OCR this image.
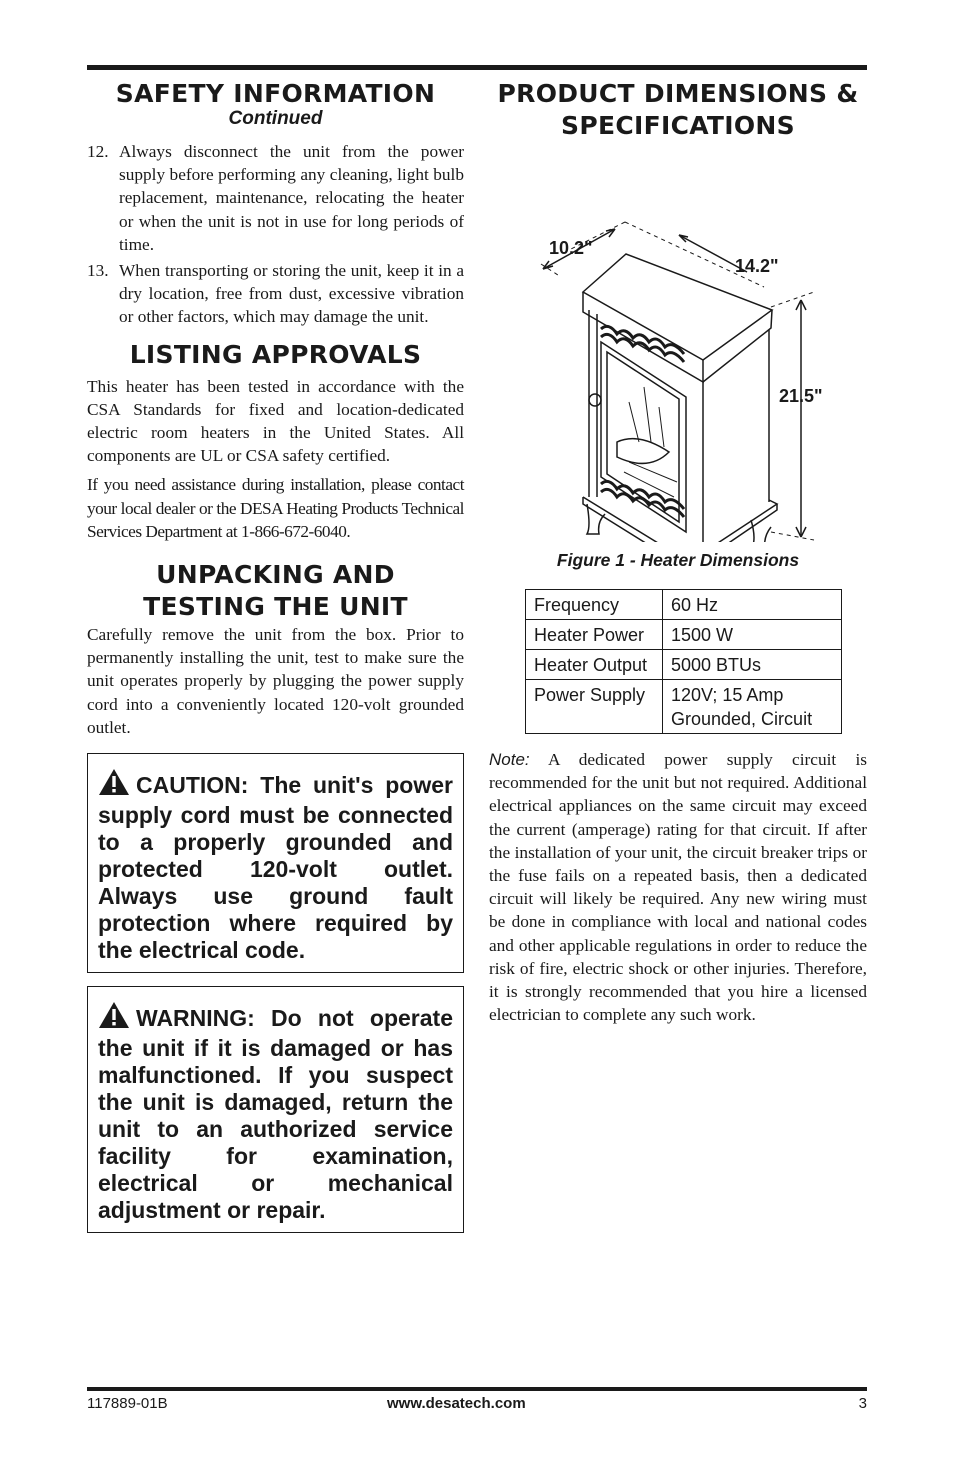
SAFETY INFORMATION
Continued
12. Always disconnect the unit from the power supply before performing any cleaning, light bulb replacement, maintenance, relocating the heater or when the unit is not in use for long periods of time.
13. When transporting or storing the unit, keep it in a dry location, free from dust, excessive vibration or other factors, which may damage the unit.
LISTING APPROVALS
This heater has been tested in accordance with the CSA Standards for fixed and location-dedicated electric room heaters in the United States. All components are UL or CSA safety certified.
If you need assistance during installation, please contact your local dealer or the DESA Heating Products Technical Services Department at 1-866-672-6040.
UNPACKING AND
TESTING THE UNIT
Carefully remove the unit from the box. Prior to permanently installing the unit, test to make sure the unit operates properly by plugging the power supply cord into a conveniently located 120-volt grounded outlet.
CAUTION: The unit's power supply cord must be connected to a properly grounded and protected 120-volt outlet. Always use ground fault protection where required by the electrical code.
WARNING: Do not operate the unit if it is damaged or has malfunctioned. If you suspect the unit is damaged, return the unit to an authorized service facility for examination, electrical or mechanical adjustment or repair.
PRODUCT DIMENSIONS &
SPECIFICATIONS
10.2"
14.2"
21.5"
Figure 1 - Heater Dimensions
Frequency	60 Hz
Heater Power	1500 W
Heater Output	5000 BTUs
Power Supply	120V; 15 Amp
Grounded, Circuit
Note: A dedicated power supply circuit is recommended for the unit but not required. Additional electrical appliances on the same circuit may exceed the current (amperage) rating for that circuit. If after the installation of your unit, the circuit breaker trips or the fuse fails on a repeated basis, then a dedicated circuit will likely be required. Any new wiring must be done in compliance with local and national codes and other applicable regulations in order to reduce the risk of fire, electric shock or other injuries. Therefore, it is strongly recommended that you hire a licensed electrician to complete any such work.
117889-01B	www.desatech.com	3
